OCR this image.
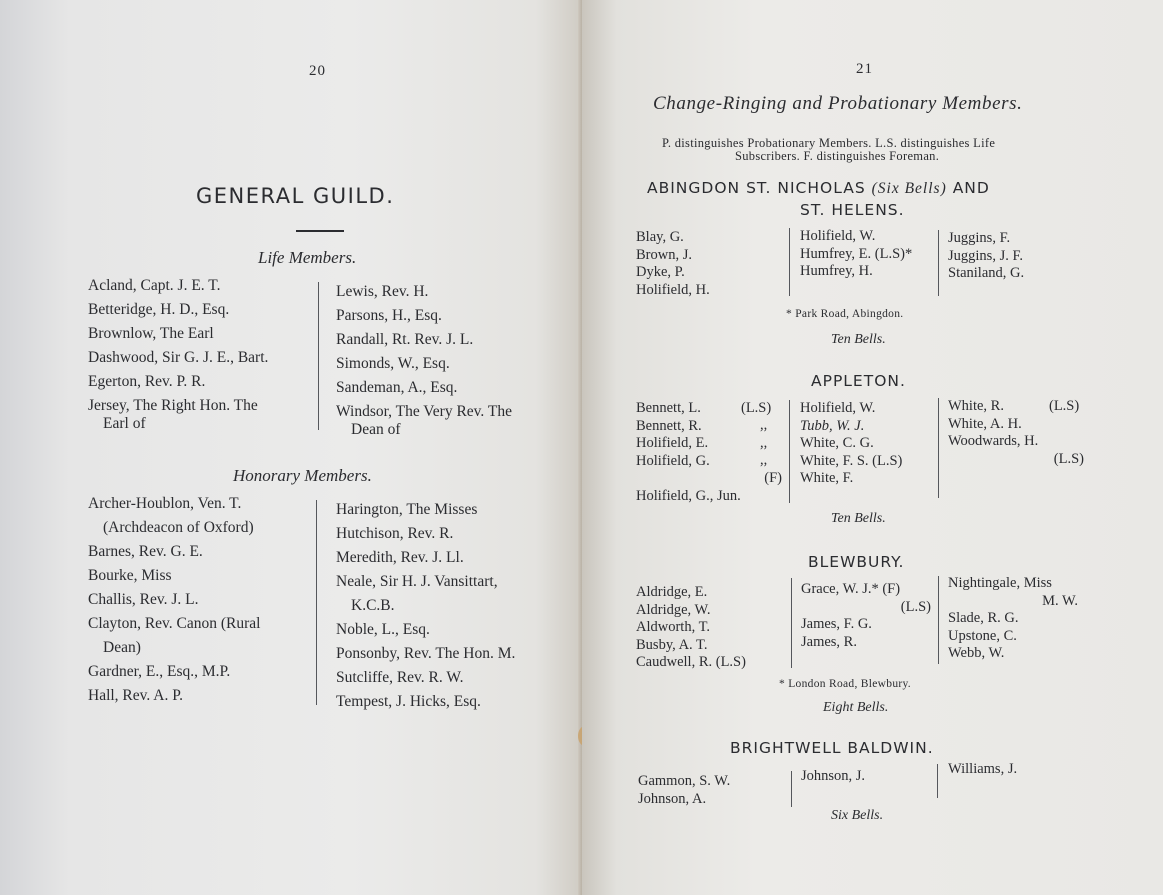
20
GENERAL GUILD.
Life Members.
Acland, Capt. J. E. T.
Betteridge, H. D., Esq.
Brownlow, The Earl
Dashwood, Sir G. J. E., Bart.
Egerton, Rev. P. R.
Jersey, The Right Hon. The
Earl of
Lewis, Rev. H.
Parsons, H., Esq.
Randall, Rt. Rev. J. L.
Simonds, W., Esq.
Sandeman, A., Esq.
Windsor, The Very Rev. The
Dean of
Honorary Members.
Archer-Houblon, Ven. T.
(Archdeacon of Oxford)
Barnes, Rev. G. E.
Bourke, Miss
Challis, Rev. J. L.
Clayton, Rev. Canon (Rural
Dean)
Gardner, E., Esq., M.P.
Hall, Rev. A. P.
Harington, The Misses
Hutchison, Rev. R.
Meredith, Rev. J. Ll.
Neale, Sir H. J. Vansittart,
K.C.B.
Noble, L., Esq.
Ponsonby, Rev. The Hon. M.
Sutcliffe, Rev. R. W.
Tempest, J. Hicks, Esq.
21
Change-Ringing and Probationary Members.
P. distinguishes Probationary Members. L.S. distinguishes Life
Subscribers. F. distinguishes Foreman.
ABINGDON ST. NICHOLAS (Six Bells) AND
ST. HELENS.
Blay, G.
Brown, J.
Dyke, P.
Holifield, H.
Holifield, W.
Humfrey, E. (L.S)*
Humfrey, H.
Juggins, F.
Juggins, J. F.
Staniland, G.
* Park Road, Abingdon.
Ten Bells.
APPLETON.
Bennett, L.
Bennett, R.
Holifield, E.
Holifield, G.
(F)
Holifield, G., Jun.
(L.S)
,,
,,
,,
Holifield, W.
Tubb, W. J.
White, C. G.
White, F. S. (L.S)
White, F.
White, R.
White, A. H.
Woodwards, H.
(L.S)
(L.S)
Ten Bells.
BLEWBURY.
Aldridge, E.
Aldridge, W.
Aldworth, T.
Busby, A. T.
Caudwell, R. (L.S)
Grace, W. J.* (F)
(L.S)
James, F. G.
James, R.
Nightingale, Miss
M. W.
Slade, R. G.
Upstone, C.
Webb, W.
* London Road, Blewbury.
Eight Bells.
BRIGHTWELL BALDWIN.
Gammon, S. W.
Johnson, A.
Johnson, J.	Williams, J.
Six Bells.
